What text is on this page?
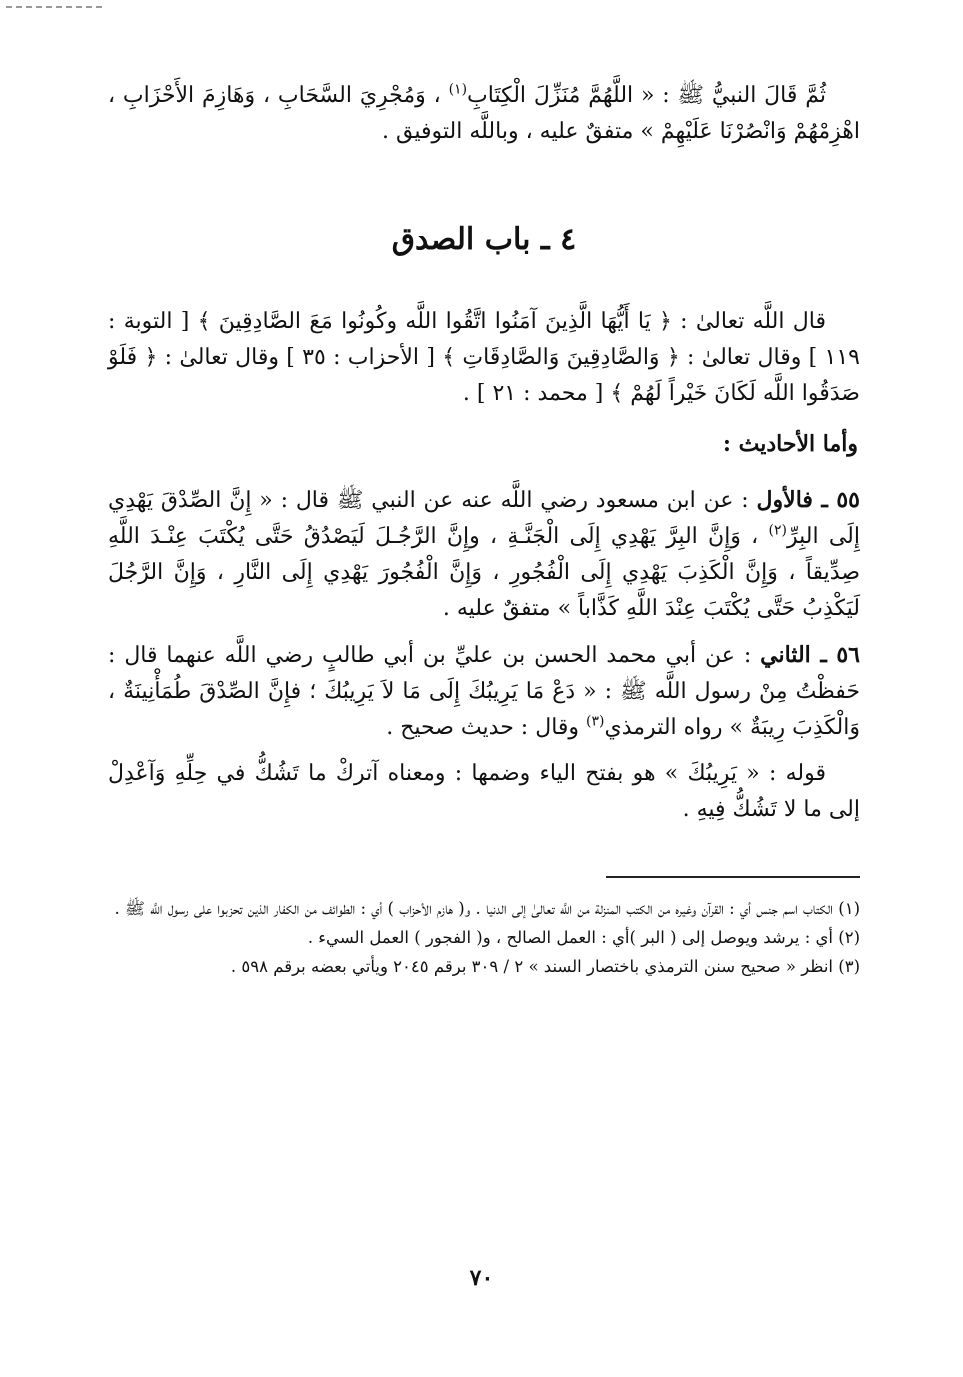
ثُمَّ قَالَ النبيُّ ﷺ : « اللَّهُمَّ مُنَزِّلَ الْكِتَابِ$^{(١)}$ ، وَمُجْرِيَ السَّحَابِ ، وَهَازِمَ الأَحْزَابِ ، اهْزِمْهُمْ وَانْصُرْنَا عَلَيْهِمْ » متفقٌ عليه ، وباللَّه التوفيق .

٤ ـ باب الصدق

قال اللَّه تعالىٰ : ﴿ يَا أَيُّهَا الَّذِينَ آمَنُوا اتَّقُوا اللَّه وكُونُوا مَعَ الصَّادِقِينَ ﴾ [ التوبة : ١١٩ ] وقال تعالىٰ : ﴿ وَالصَّادِقِينَ وَالصَّادِقَاتِ ﴾ [ الأحزاب : ٣٥ ] وقال تعالىٰ : ﴿ فَلَوْ صَدَقُوا اللَّه لَكَانَ خَيْراً لَهُمْ ﴾ [ محمد : ٢١ ] .

وأما الأحاديث :

٥٥ ـ فالأول : عن ابن مسعود رضي اللَّه عنه عن النبي ﷺ قال : « إِنَّ الصِّدْقَ يَهْدِي إِلَى البِرِّ$^{(٢)}$ ، وَإِنَّ البِرَّ يَهْدِي إِلَى الْجَنَّـةِ ، وإِنَّ الرَّجُـلَ لَيَصْدُقُ حَتَّى يُكْتَبَ عِنْـدَ اللَّهِ صِدِّيقاً ، وَإِنَّ الْكَذِبَ يَهْدِي إِلَى الْفُجُورِ ، وَإِنَّ الْفُجُورَ يَهْدِي إِلَى النَّارِ ، وَإِنَّ الرَّجُلَ لَيَكْذِبُ حَتَّى يُكْتَبَ عِنْدَ اللَّهِ كَذَّاباً » متفقٌ عليه .

٥٦ ـ الثاني : عن أبي محمد الحسن بن عليِّ بن أبي طالبٍ رضي اللَّه عنهما قال : حَفظْتُ مِنْ رسول اللَّه ﷺ : « دَعْ مَا يَرِيبُكَ إِلَى مَا لاَ يَرِيبُكَ ؛ فإِنَّ الصِّدْقَ طُمَأْنِينَةٌ ، وَالْكَذِبَ رِيبَةٌ » رواه الترمذي$^{(٣)}$ وقال : حديث صحيح .

قوله : « يَرِيبُكَ » هو بفتح الياء وضمها : ومعناه آتركْ ما تَشُكُّ في حِلِّهِ وَآعْدِلْ إلى ما لا تَشُكُّ فِيهِ .

(١) الكتاب اسم جنس أي : القرآن وغيره من الكتب المنزلة من اللَّه تعالىٰ إلى الدنيا . و( هازم الأحزاب ) أي : الطوائف من الكفار الذين تحزبوا على رسول اللَّه ﷺ .

(٢) أي : يرشد ويوصل إلى ( البر )أي : العمل الصالح ، و( الفجور ) العمل السيء .

(٣) انظر « صحيح سنن الترمذي باختصار السند » ٢ / ٣٠٩ برقم ٢٠٤٥ ويأتي بعضه برقم ٥٩٨ .

٧٠
